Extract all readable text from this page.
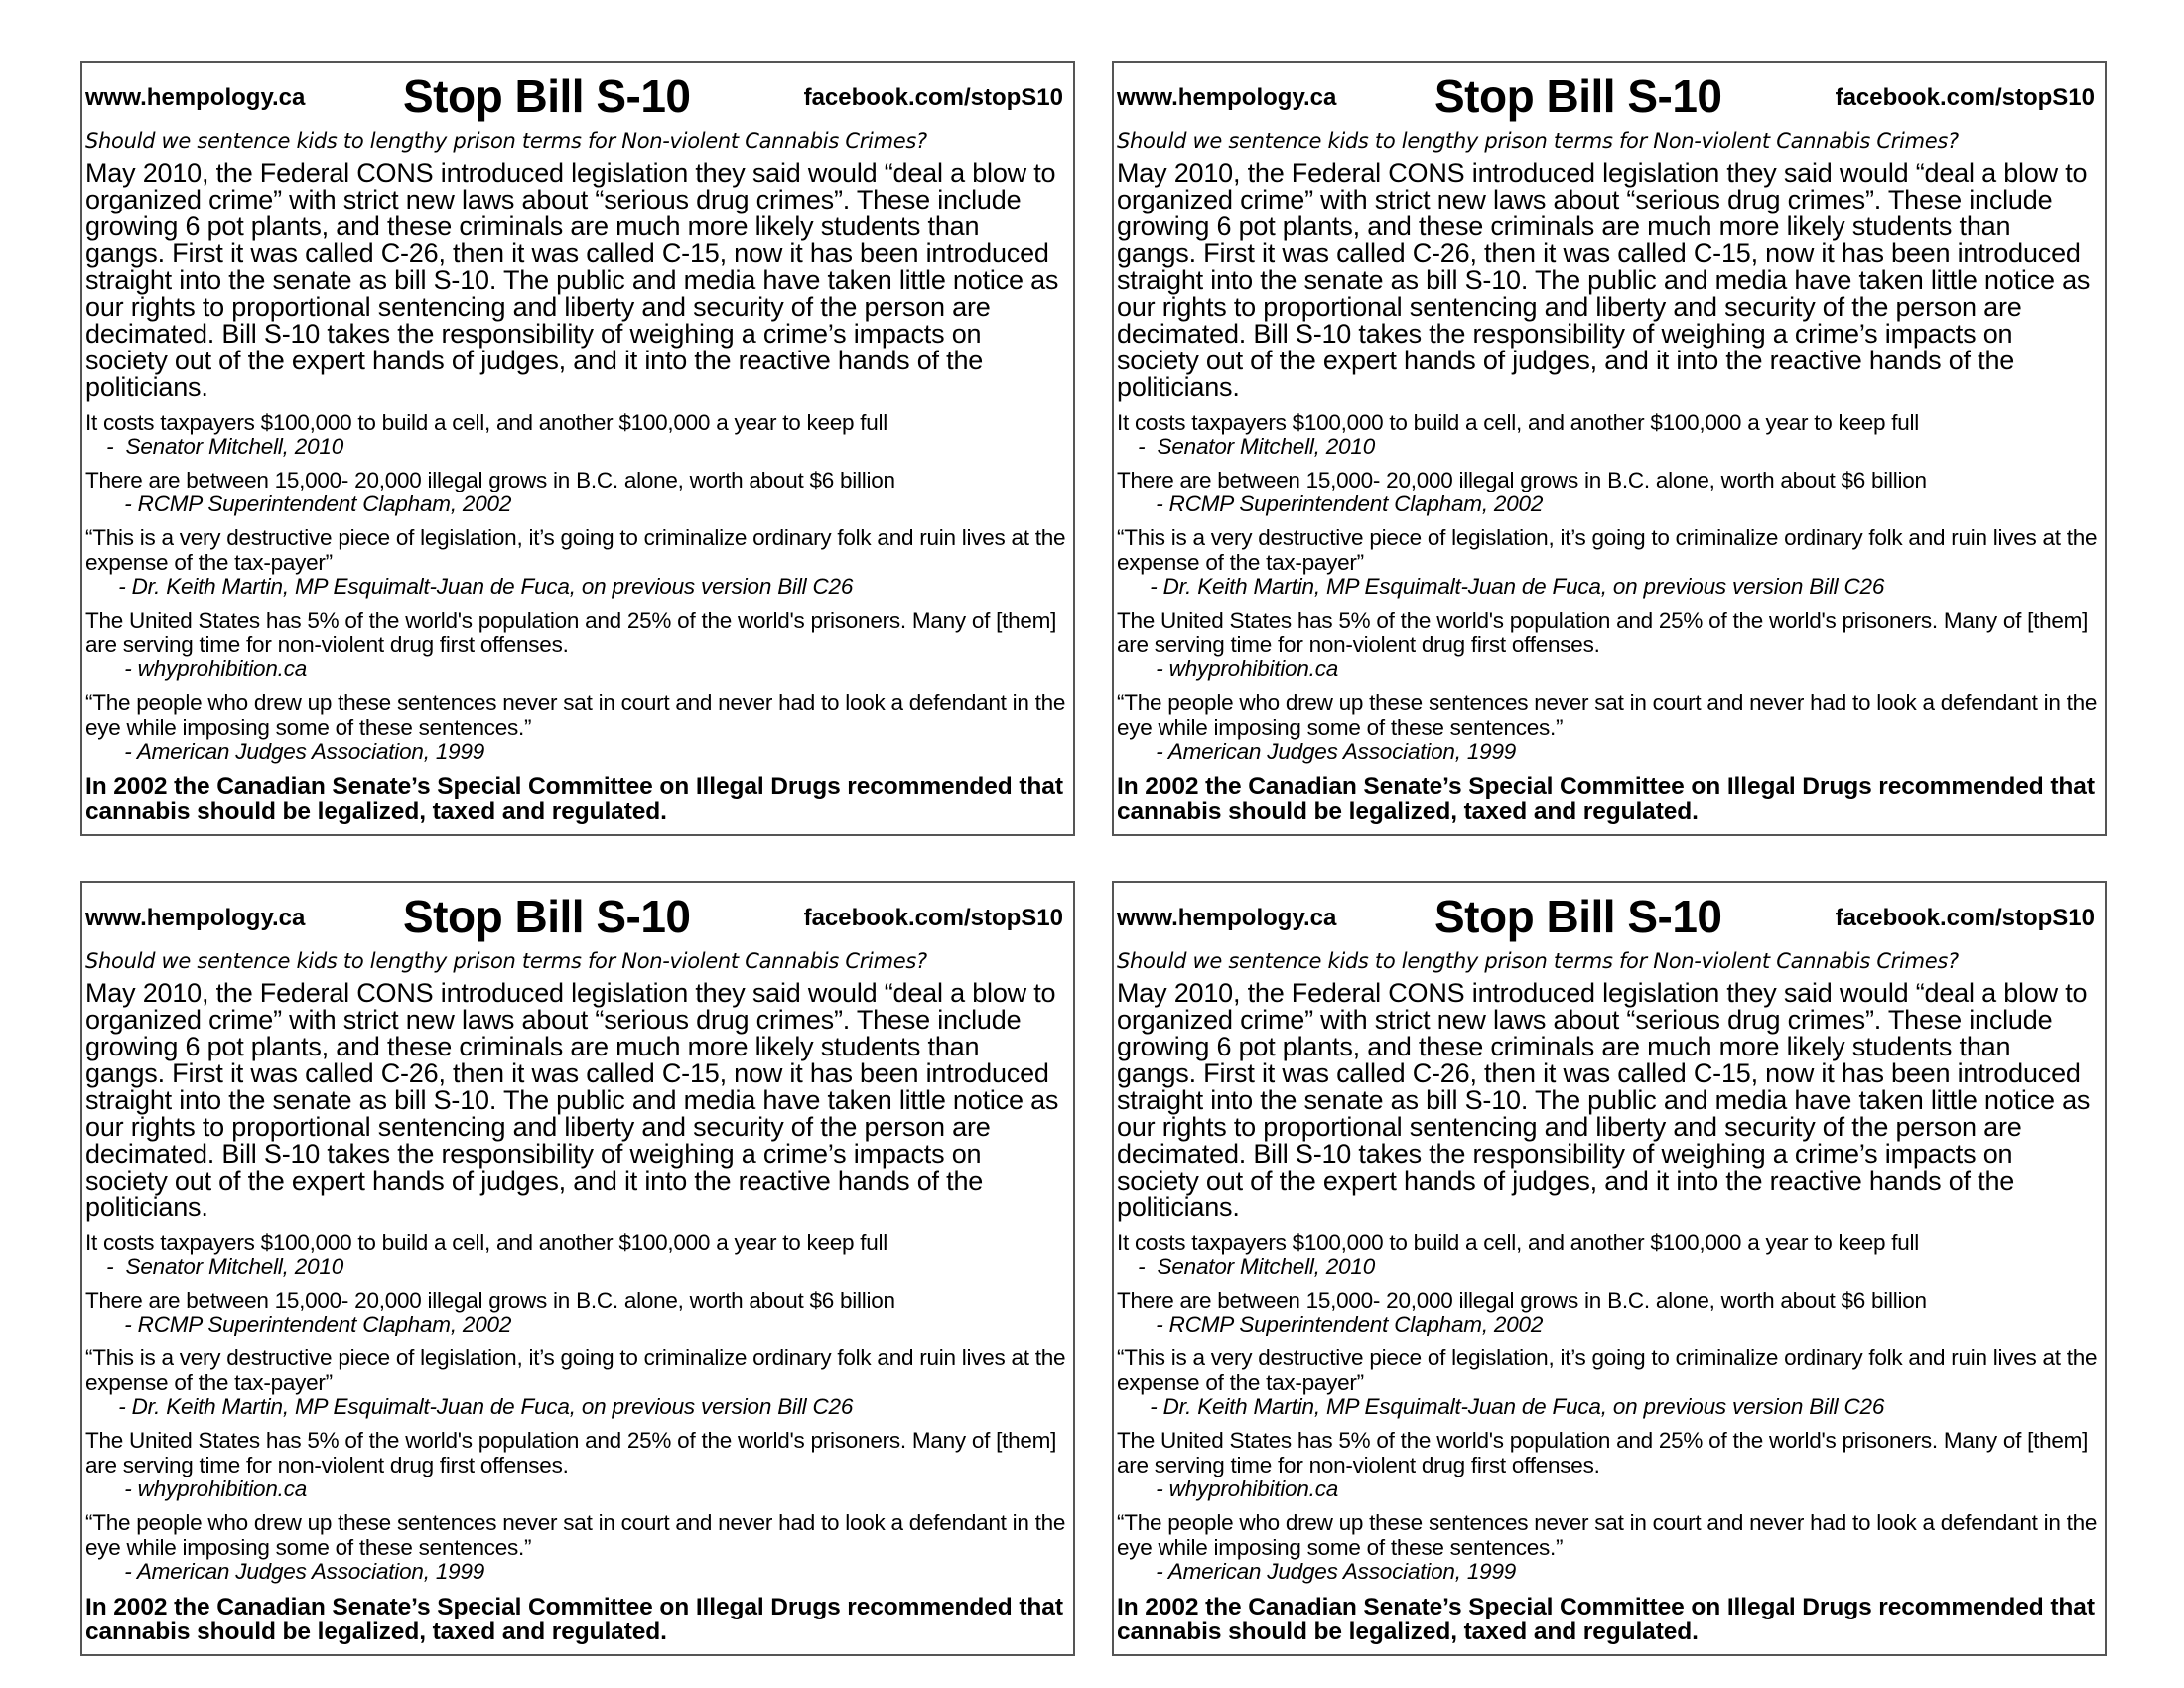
www.hempology.ca Stop Bill S-10	facebook.com/stopS10
Should we sentence kids to lengthy prison terms for Non-violent Cannabis Crimes?
May 2010, the Federal CONS introduced legislation they said would “deal a blow to organized crime” with strict new laws about “serious drug crimes”. These include growing 6 pot plants, and these criminals are much more likely students than gangs. First it was called C-26, then it was called C-15, now it has been introduced straight into the senate as bill S-10. The public and media have taken little notice as our rights to proportional sentencing and liberty and security of the person are decimated. Bill S-10 takes the responsibility of weighing a crime’s impacts on society out of the expert hands of judges, and it into the reactive hands of the politicians.
It costs taxpayers $100,000 to build a cell, and another $100,000 a year to keep full
-  Senator Mitchell, 2010
There are between 15,000- 20,000 illegal grows in B.C. alone, worth about $6 billion
- RCMP Superintendent Clapham, 2002
“This is a very destructive piece of legislation, it’s going to criminalize ordinary folk and ruin lives at the expense of the tax-payer”
- Dr. Keith Martin, MP Esquimalt-Juan de Fuca, on previous version Bill C26
The United States has 5% of the world's population and 25% of the world's prisoners. Many of [them] are serving time for non-violent drug first offenses.
- whyprohibition.ca
“The people who drew up these sentences never sat in court and never had to look a defendant in the eye while imposing some of these sentences.”
- American Judges Association, 1999
In 2002 the Canadian Senate’s Special Committee on Illegal Drugs recommended that cannabis should be legalized, taxed and regulated.
www.hempology.ca Stop Bill S-10	facebook.com/stopS10
Should we sentence kids to lengthy prison terms for Non-violent Cannabis Crimes?
May 2010, the Federal CONS introduced legislation they said would “deal a blow to organized crime” with strict new laws about “serious drug crimes”. These include growing 6 pot plants, and these criminals are much more likely students than gangs. First it was called C-26, then it was called C-15, now it has been introduced straight into the senate as bill S-10. The public and media have taken little notice as our rights to proportional sentencing and liberty and security of the person are decimated. Bill S-10 takes the responsibility of weighing a crime’s impacts on society out of the expert hands of judges, and it into the reactive hands of the politicians.
It costs taxpayers $100,000 to build a cell, and another $100,000 a year to keep full
-  Senator Mitchell, 2010
There are between 15,000- 20,000 illegal grows in B.C. alone, worth about $6 billion
- RCMP Superintendent Clapham, 2002
“This is a very destructive piece of legislation, it’s going to criminalize ordinary folk and ruin lives at the expense of the tax-payer”
- Dr. Keith Martin, MP Esquimalt-Juan de Fuca, on previous version Bill C26
The United States has 5% of the world's population and 25% of the world's prisoners. Many of [them] are serving time for non-violent drug first offenses.
- whyprohibition.ca
“The people who drew up these sentences never sat in court and never had to look a defendant in the eye while imposing some of these sentences.”
- American Judges Association, 1999
In 2002 the Canadian Senate’s Special Committee on Illegal Drugs recommended that cannabis should be legalized, taxed and regulated.
www.hempology.ca Stop Bill S-10	facebook.com/stopS10
Should we sentence kids to lengthy prison terms for Non-violent Cannabis Crimes?
May 2010, the Federal CONS introduced legislation they said would “deal a blow to organized crime” with strict new laws about “serious drug crimes”. These include growing 6 pot plants, and these criminals are much more likely students than gangs. First it was called C-26, then it was called C-15, now it has been introduced straight into the senate as bill S-10. The public and media have taken little notice as our rights to proportional sentencing and liberty and security of the person are decimated. Bill S-10 takes the responsibility of weighing a crime’s impacts on society out of the expert hands of judges, and it into the reactive hands of the politicians.
It costs taxpayers $100,000 to build a cell, and another $100,000 a year to keep full
-  Senator Mitchell, 2010
There are between 15,000- 20,000 illegal grows in B.C. alone, worth about $6 billion
- RCMP Superintendent Clapham, 2002
“This is a very destructive piece of legislation, it’s going to criminalize ordinary folk and ruin lives at the expense of the tax-payer”
- Dr. Keith Martin, MP Esquimalt-Juan de Fuca, on previous version Bill C26
The United States has 5% of the world's population and 25% of the world's prisoners. Many of [them] are serving time for non-violent drug first offenses.
- whyprohibition.ca
“The people who drew up these sentences never sat in court and never had to look a defendant in the eye while imposing some of these sentences.”
- American Judges Association, 1999
In 2002 the Canadian Senate’s Special Committee on Illegal Drugs recommended that cannabis should be legalized, taxed and regulated.
www.hempology.ca Stop Bill S-10	facebook.com/stopS10
Should we sentence kids to lengthy prison terms for Non-violent Cannabis Crimes?
May 2010, the Federal CONS introduced legislation they said would “deal a blow to organized crime” with strict new laws about “serious drug crimes”. These include growing 6 pot plants, and these criminals are much more likely students than gangs. First it was called C-26, then it was called C-15, now it has been introduced straight into the senate as bill S-10. The public and media have taken little notice as our rights to proportional sentencing and liberty and security of the person are decimated. Bill S-10 takes the responsibility of weighing a crime’s impacts on society out of the expert hands of judges, and it into the reactive hands of the politicians.
It costs taxpayers $100,000 to build a cell, and another $100,000 a year to keep full
-  Senator Mitchell, 2010
There are between 15,000- 20,000 illegal grows in B.C. alone, worth about $6 billion
- RCMP Superintendent Clapham, 2002
“This is a very destructive piece of legislation, it’s going to criminalize ordinary folk and ruin lives at the expense of the tax-payer”
- Dr. Keith Martin, MP Esquimalt-Juan de Fuca, on previous version Bill C26
The United States has 5% of the world's population and 25% of the world's prisoners. Many of [them] are serving time for non-violent drug first offenses.
- whyprohibition.ca
“The people who drew up these sentences never sat in court and never had to look a defendant in the eye while imposing some of these sentences.”
- American Judges Association, 1999
In 2002 the Canadian Senate’s Special Committee on Illegal Drugs recommended that cannabis should be legalized, taxed and regulated.
